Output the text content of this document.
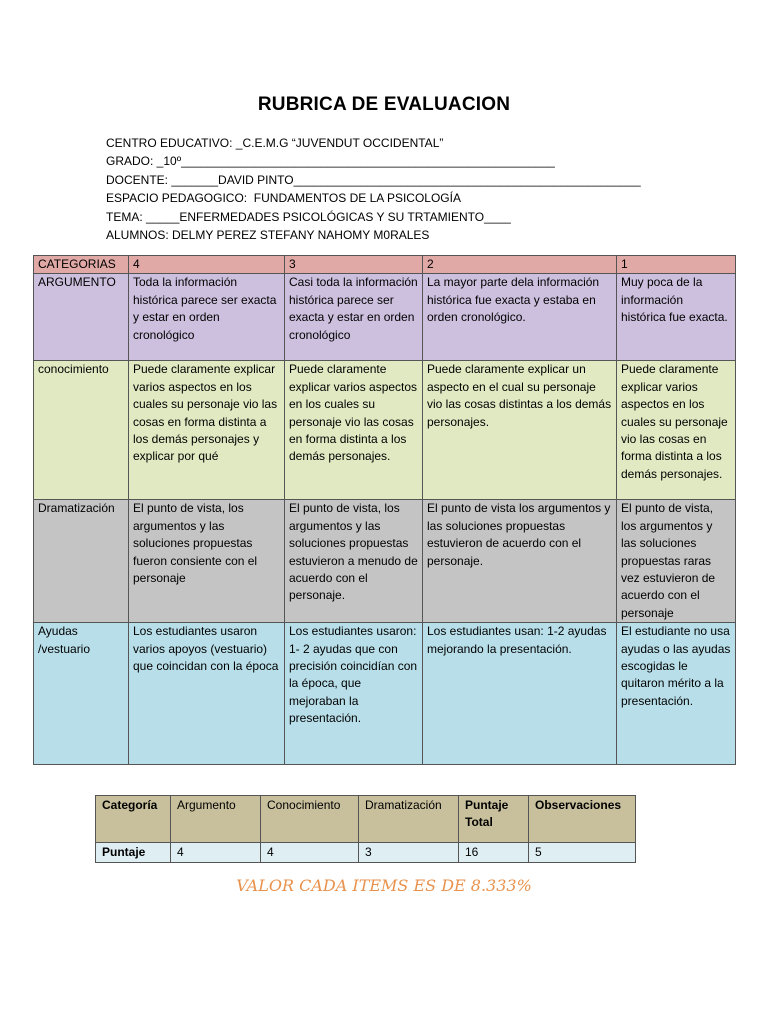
RUBRICA DE EVALUACION
CENTRO EDUCATIVO: _C.E.M.G “JUVENDUT OCCIDENTAL”
GRADO: _10º________________________________________________________
DOCENTE: _______DAVID PINTO____________________________________________________
ESPACIO PEDAGOGICO:  FUNDAMENTOS DE LA PSICOLOGÍA
TEMA: _____ENFERMEDADES PSICOLÓGICAS Y SU TRTAMIENTO____
ALUMNOS: DELMY PEREZ STEFANY NAHOMY M0RALES
CATEGORIAS	4	3	2	1
ARGUMENTO	Toda la información histórica parece ser exacta y estar en orden cronológico	Casi toda la información histórica parece ser exacta y estar en orden cronológico	La mayor parte dela información histórica fue exacta y estaba en orden cronológico.	Muy poca de la información histórica fue exacta.
conocimiento	Puede claramente explicar varios aspectos en los cuales su personaje vio las cosas en forma distinta a los demás personajes y explicar por qué	Puede claramente explicar varios aspectos en los cuales su personaje vio las cosas en forma distinta a los demás personajes.	Puede claramente explicar un aspecto en el cual su personaje vio las cosas distintas a los demás personajes.	Puede claramente explicar varios aspectos en los cuales su personaje vio las cosas en forma distinta a los demás personajes.
Dramatización	El punto de vista, los argumentos y las soluciones propuestas fueron consiente con el personaje	El punto de vista, los argumentos y las soluciones propuestas estuvieron a menudo de acuerdo con el personaje.	El punto de vista los argumentos y las soluciones propuestas estuvieron de acuerdo con el personaje.	El punto de vista, los argumentos y las soluciones propuestas raras vez estuvieron de acuerdo con el personaje
Ayudas /vestuario	Los estudiantes usaron varios apoyos (vestuario) que coincidan con la época	Los estudiantes usaron: 1- 2 ayudas que con precisión coincidían con la época, que mejoraban la presentación.	Los estudiantes usan: 1-2 ayudas mejorando la presentación.	El estudiante no usa ayudas o las ayudas escogidas le quitaron mérito a la presentación.
Categoría	Argumento	Conocimiento	Dramatización	Puntaje Total	Observaciones
Puntaje	4	4	3	16	5
VALOR CADA ITEMS ES DE 8.333%
